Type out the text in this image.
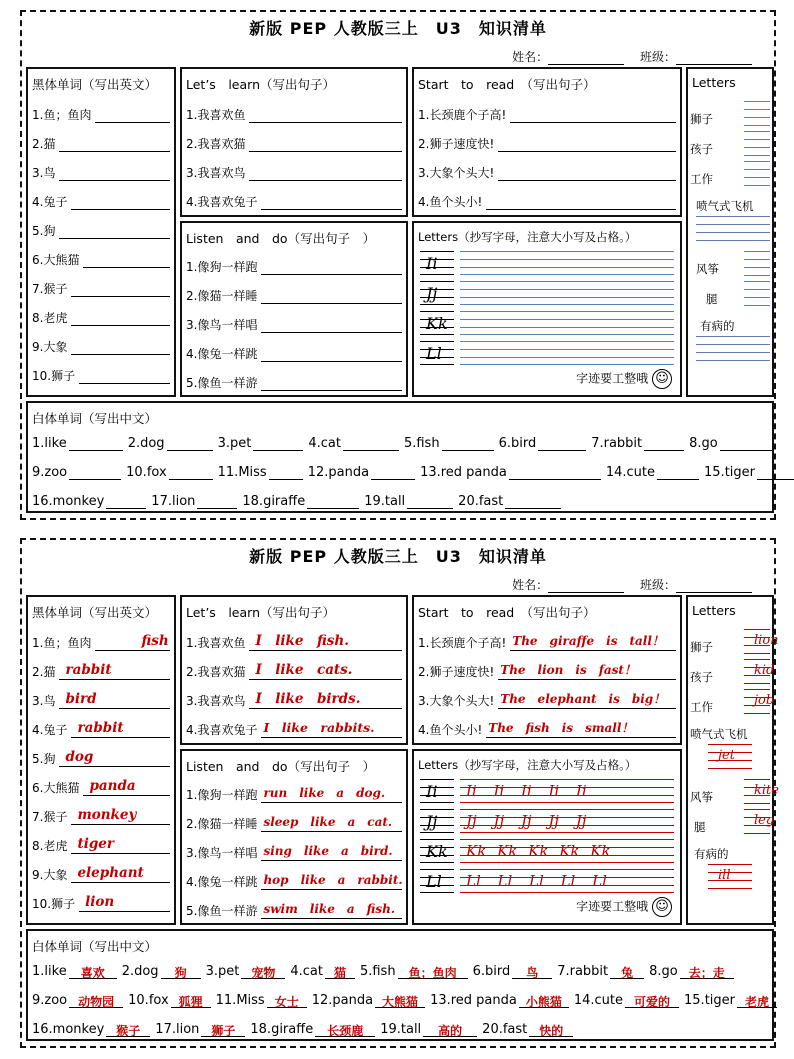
新版 PEP 人教版三上　U3　知识清单
姓名：	班级：
黑体单词（写出英文）
1.鱼；鱼肉
2.猫
3.鸟
4.兔子
5.狗
6.大熊猫
7.猴子
8.老虎
9.大象
10.狮子
Let’s　learn（写出句子）
1.我喜欢鱼
2.我喜欢猫
3.我喜欢鸟
4.我喜欢兔子
Start　to　read　（写出句子）
1.长颈鹿个子高!
2.狮子速度快!
3.大象个头大!
4.鱼个头小!
Listen　and　do（写出句子　）
1.像狗一样跑
2.像猫一样睡
3.像鸟一样唱
4.像兔一样跳
5.像鱼一样游
Letters（抄写字母，注意大小写及占格。）
Ii
Jj
Kk
Ll
字迹要工整哦 ☺
Letters
狮子
孩子
工作
喷气式飞机
风筝
腿
有病的
白体单词（写出中文）
1.like	2.dog	3.pet	4.cat	5.fish	6.bird	7.rabbit	8.go
9.zoo	10.fox	11.Miss	12.panda	13.red panda	14.cute	15.tiger
16.monkey	17.lion	18.giraffe	19.tall	20.fast
新版 PEP 人教版三上　U3　知识清单
姓名：	班级：
黑体单词（写出英文）
1.鱼；鱼肉	fish
2.猫 rabbit
3.鸟 bird
4.兔子 rabbit
5.狗 dog
6.大熊猫 panda
7.猴子 monkey
8.老虎 tiger
9.大象 elephant
10.狮子 lion
Let’s　learn（写出句子）
1.我喜欢鱼 I　like　fish.
2.我喜欢猫 I　like　cats.
3.我喜欢鸟 I　like　birds.
4.我喜欢兔子 I　like　rabbits.
Start　to　read　（写出句子）
1.长颈鹿个子高! The　giraffe　is　tall！
2.狮子速度快! The　lion　is　fast！
3.大象个头大! The　elephant　is　big！
4.鱼个头小! The　fish　is　small！
Listen　and　do（写出句子　）
1.像狗一样跑 run　like　a　dog.
2.像猫一样睡 sleep　like　a　cat.
3.像鸟一样唱 sing　like　a　bird.
4.像兔一样跳 hop　like　a　rabbit.
5.像鱼一样游 swim　like　a　fish.
Letters（抄写字母，注意大小写及占格。）
Ii Ii Ii Ii Ii Ii
Jj Jj Jj Jj Jj Jj
Kk Kk Kk Kk Kk Kk
Ll Ll Ll Ll Ll Ll
字迹要工整哦 ☺
Letters
狮子	lion
孩子	kid
工作	job
喷气式飞机
jet
风筝	kite
腿	leg
有病的
ill
白体单词（写出中文）
1.like	喜欢	2.dog	狗	3.pet 宠物	4.cat 猫	5.fish	鱼；鱼肉	6.bird	鸟	7.rabbit	兔	8.go 去；走
9.zoo 动物园	10.fox 狐狸	11.Miss 女士	12.panda 大熊猫 13.red panda 小熊猫 14.cute 可爱的	15.tiger 老虎
16.monkey 猴子	17.lion 狮子	18.giraffe	长颈鹿	19.tall	高的	20.fast 快的
